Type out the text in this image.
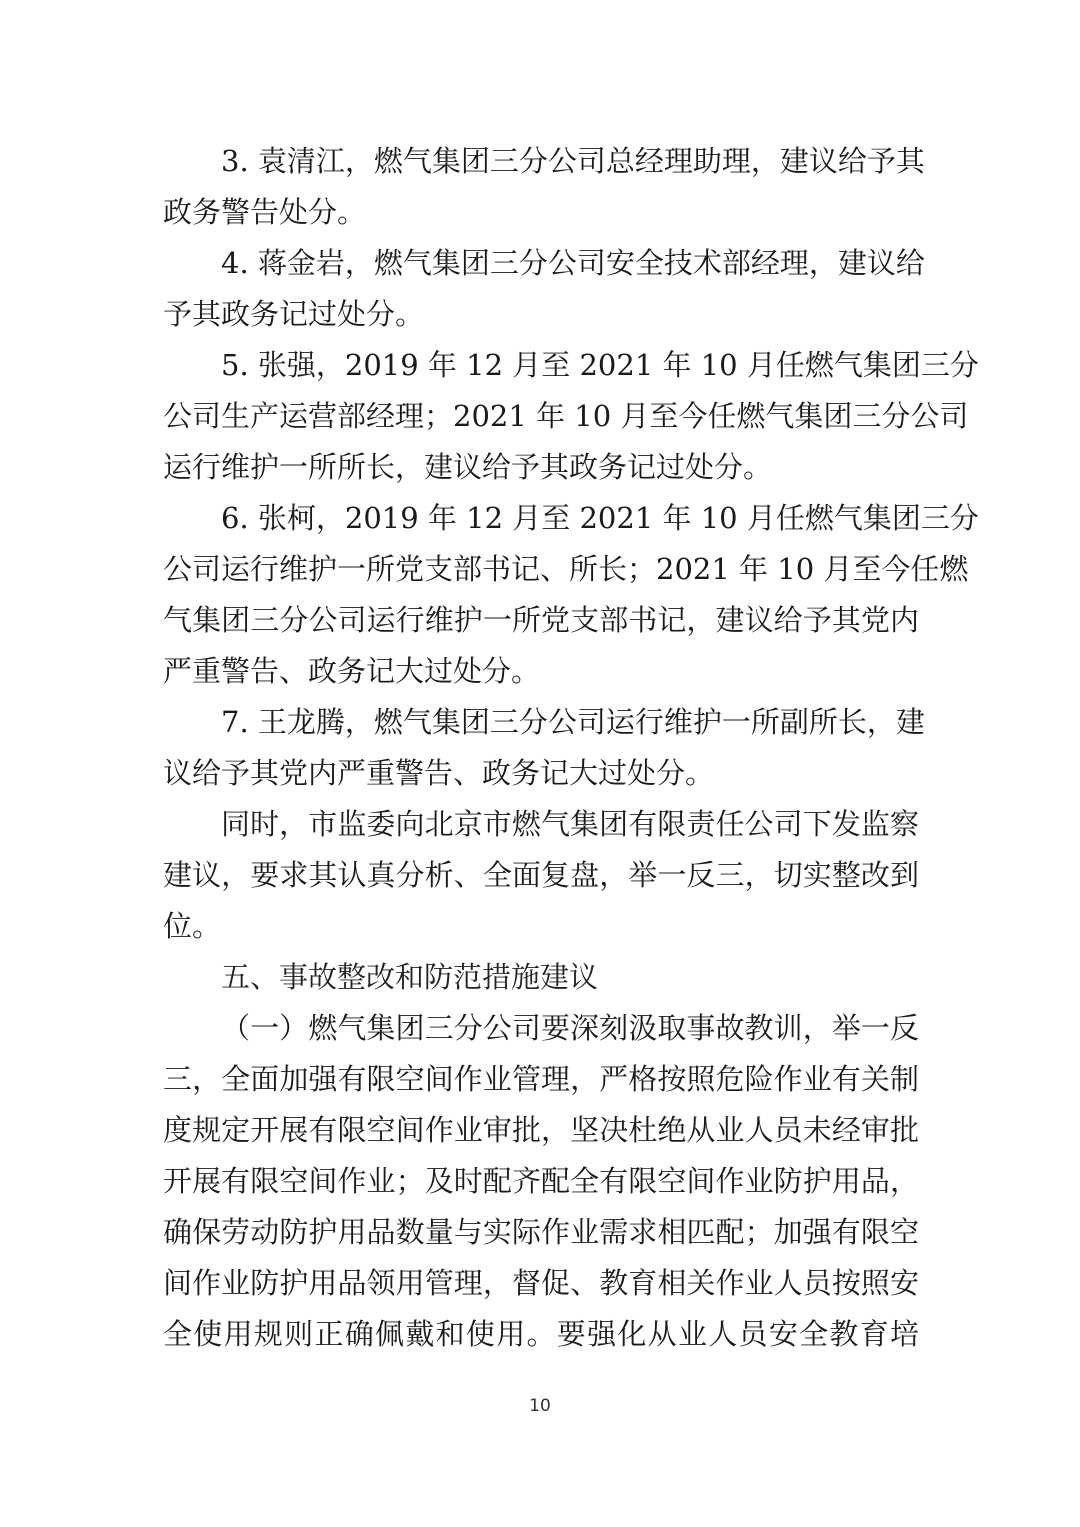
3. 袁清江，燃气集团三分公司总经理助理，建议给予其
政务警告处分。
4. 蒋金岩，燃气集团三分公司安全技术部经理，建议给
予其政务记过处分。
5. 张强，2019 年 12 月至 2021 年 10 月任燃气集团三分
公司生产运营部经理；2021 年 10 月至今任燃气集团三分公司
运行维护一所所长，建议给予其政务记过处分。
6. 张柯，2019 年 12 月至 2021 年 10 月任燃气集团三分
公司运行维护一所党支部书记、所长；2021 年 10 月至今任燃
气集团三分公司运行维护一所党支部书记，建议给予其党内
严重警告、政务记大过处分。
7. 王龙腾，燃气集团三分公司运行维护一所副所长，建
议给予其党内严重警告、政务记大过处分。
同时，市监委向北京市燃气集团有限责任公司下发监察
建议，要求其认真分析、全面复盘，举一反三，切实整改到
位。
五、事故整改和防范措施建议
（一）燃气集团三分公司要深刻汲取事故教训，举一反
三，全面加强有限空间作业管理，严格按照危险作业有关制
度规定开展有限空间作业审批，坚决杜绝从业人员未经审批
开展有限空间作业；及时配齐配全有限空间作业防护用品，
确保劳动防护用品数量与实际作业需求相匹配；加强有限空
间作业防护用品领用管理，督促、教育相关作业人员按照安
全使用规则正确佩戴和使用。要强化从业人员安全教育培
10
